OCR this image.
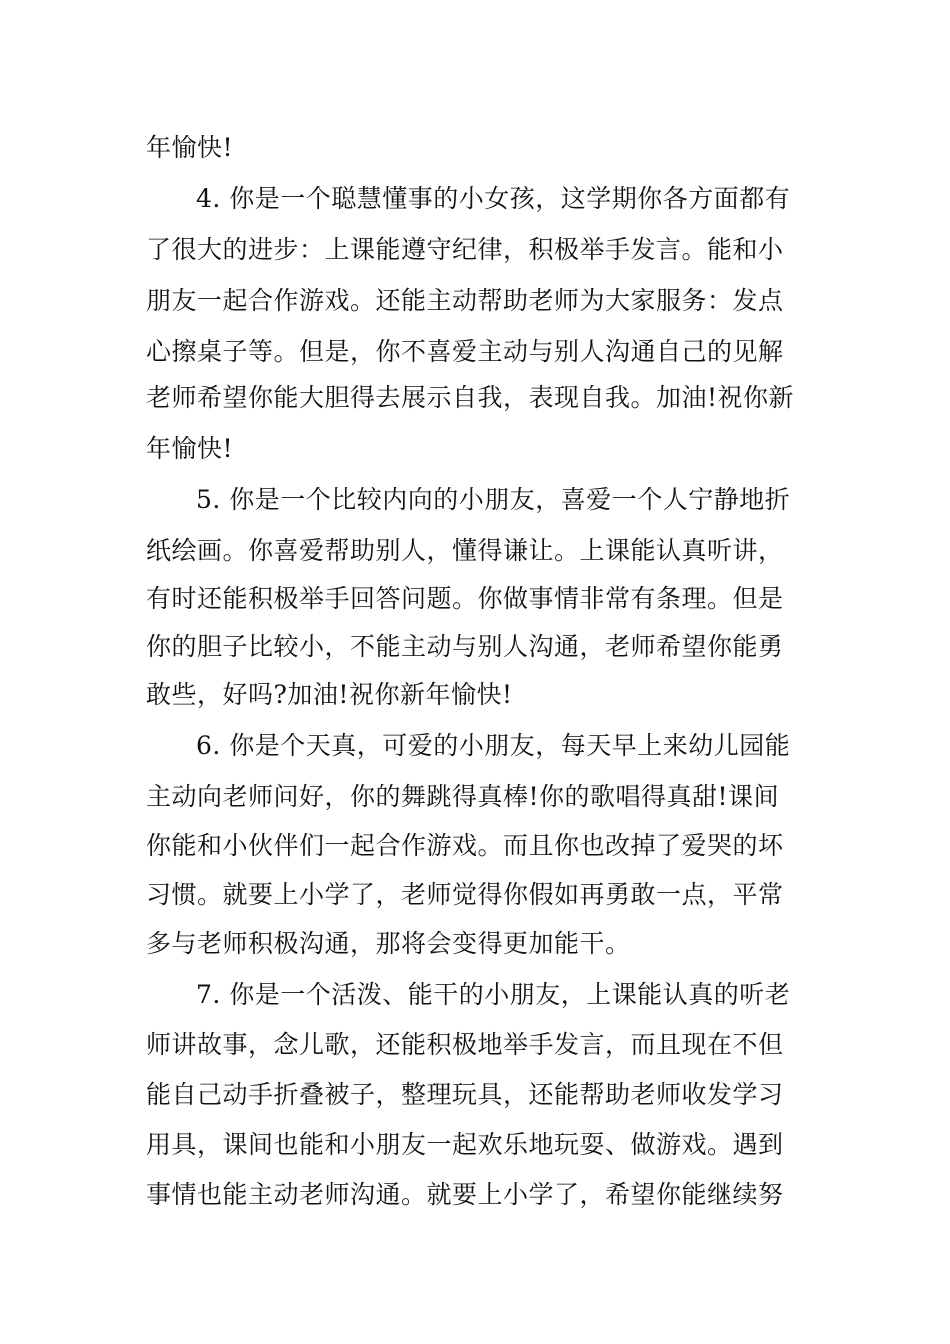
年愉快!
4. 你是一个聪慧懂事的小女孩，这学期你各方面都有
了很大的进步：上课能遵守纪律，积极举手发言。能和小
朋友一起合作游戏。还能主动帮助老师为大家服务：发点
心擦桌子等。但是，你不喜爱主动与别人沟通自己的见解
老师希望你能大胆得去展示自我，表现自我。加油!祝你新
年愉快!
5. 你是一个比较内向的小朋友，喜爱一个人宁静地折
纸绘画。你喜爱帮助别人，懂得谦让。上课能认真听讲，
有时还能积极举手回答问题。你做事情非常有条理。但是
你的胆子比较小，不能主动与别人沟通，老师希望你能勇
敢些，好吗?加油!祝你新年愉快!
6. 你是个天真，可爱的小朋友，每天早上来幼儿园能
主动向老师问好，你的舞跳得真棒!你的歌唱得真甜!课间
你能和小伙伴们一起合作游戏。而且你也改掉了爱哭的坏
习惯。就要上小学了，老师觉得你假如再勇敢一点，平常
多与老师积极沟通，那将会变得更加能干。
7. 你是一个活泼、能干的小朋友，上课能认真的听老
师讲故事，念儿歌，还能积极地举手发言，而且现在不但
能自己动手折叠被子，整理玩具，还能帮助老师收发学习
用具，课间也能和小朋友一起欢乐地玩耍、做游戏。遇到
事情也能主动老师沟通。就要上小学了，希望你能继续努
